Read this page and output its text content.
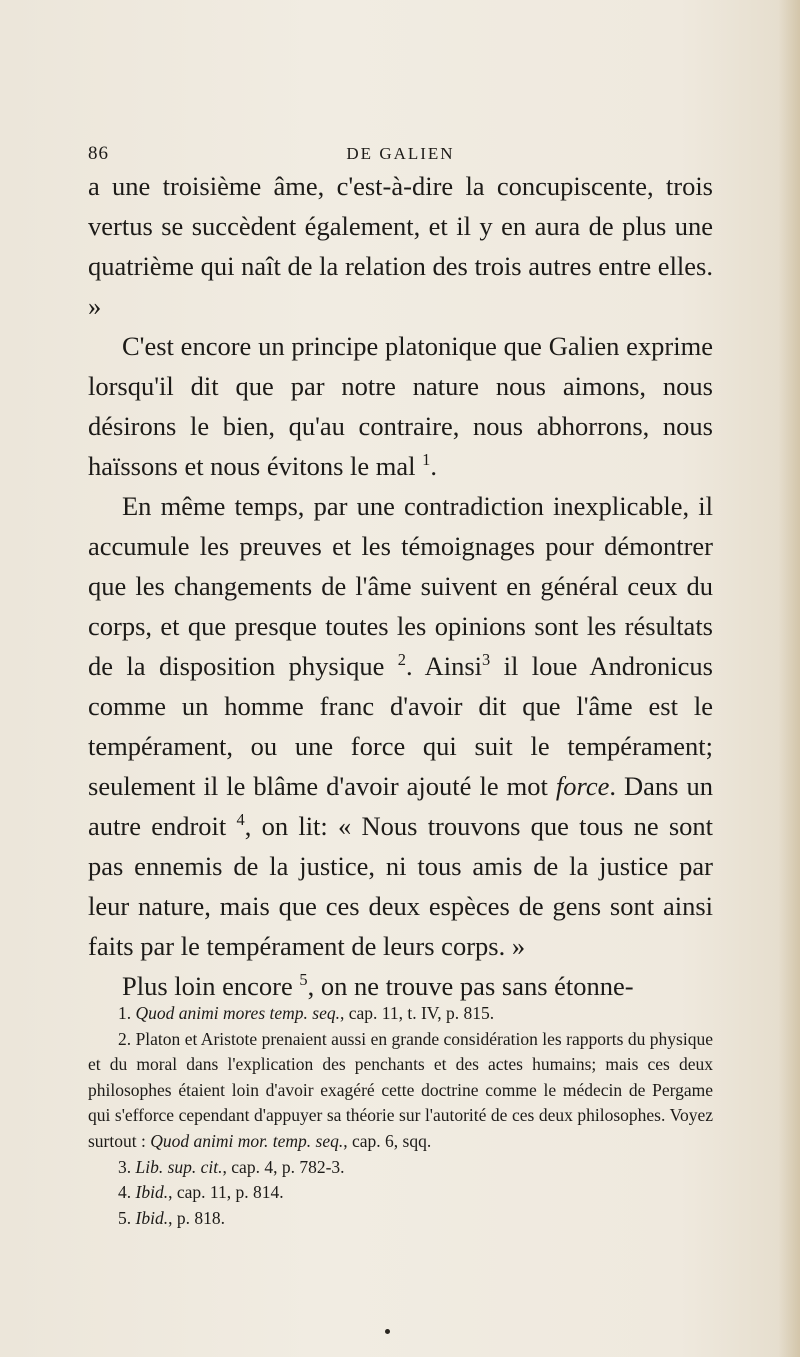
86	DE GALIEN

a une troisième âme, c'est-à-dire la concupiscente, trois vertus se succèdent également, et il y en aura de plus une quatrième qui naît de la relation des trois autres entre elles. »

C'est encore un principe platonique que Galien exprime lorsqu'il dit que par notre nature nous aimons, nous désirons le bien, qu'au contraire, nous abhorrons, nous haïssons et nous évitons le mal $^1$.

En même temps, par une contradiction inexplicable, il accumule les preuves et les témoignages pour démontrer que les changements de l'âme suivent en général ceux du corps, et que presque toutes les opinions sont les résultats de la disposition physique $^2$. Ainsi$^3$ il loue Andronicus comme un homme franc d'avoir dit que l'âme est le tempérament, ou une force qui suit le tempérament; seulement il le blâme d'avoir ajouté le mot force. Dans un autre endroit $^4$, on lit: « Nous trouvons que tous ne sont pas ennemis de la justice, ni tous amis de la justice par leur nature, mais que ces deux espèces de gens sont ainsi faits par le tempérament de leurs corps. »

Plus loin encore $^5$, on ne trouve pas sans étonne-

1. Quod animi mores temp. seq., cap. 11, t. IV, p. 815.

2. Platon et Aristote prenaient aussi en grande considération les rapports du physique et du moral dans l'explication des penchants et des actes humains; mais ces deux philosophes étaient loin d'avoir exagéré cette doctrine comme le médecin de Pergame qui s'efforce cependant d'appuyer sa théorie sur l'autorité de ces deux philosophes. Voyez surtout : Quod animi mor. temp. seq., cap. 6, sqq.

3. Lib. sup. cit., cap. 4, p. 782-3.

4. Ibid., cap. 11, p. 814.

5. Ibid., p. 818.
